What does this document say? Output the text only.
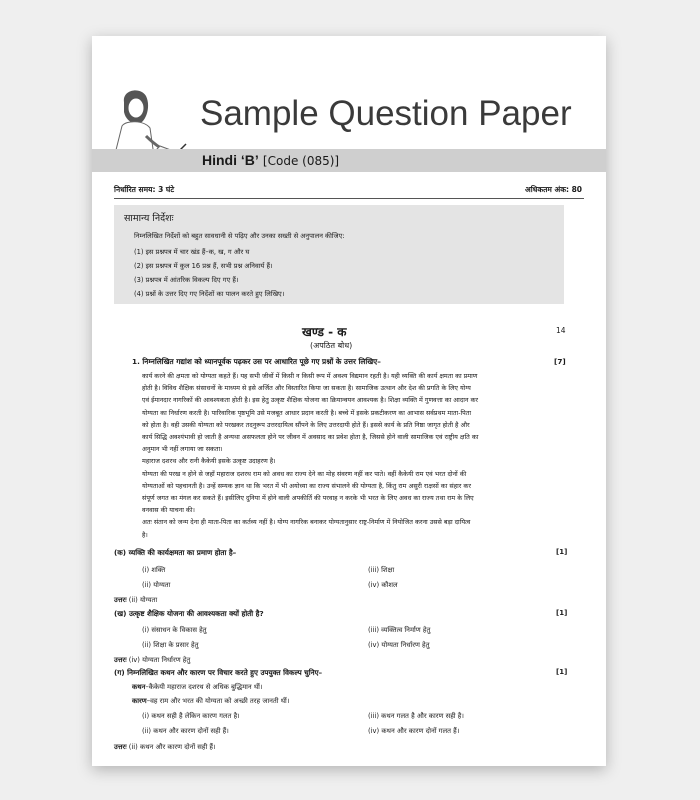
Sample Question Paper
Hindi ‘B’ [Code (085)]
निर्धारित समय: 3 घंटे	अधिकतम अंक: 80
सामान्य निर्देशः
निम्नलिखित निर्देशों को बहुत सावधानी से पढ़िए और उनका सख्ती से अनुपालन कीजिए:
(1) इस प्रश्नपत्र में चार खंड हैं–क, ख, ग और घ
(2) इस प्रश्नपत्र में कुल 16 प्रश्न हैं, सभी प्रश्न अनिवार्य हैं।
(3) प्रश्नपत्र में आंतरिक विकल्प दिए गए हैं।
(4) प्रश्नों के उत्तर दिए गए निर्देशों का पालन करते हुए लिखिए।
खण्ड - क
(अपठित बोध)
14
1. निम्नलिखित गद्यांश को ध्यानपूर्वक पढ़कर उस पर आधारित पूछे गए प्रश्नों के उत्तर लिखिए–	[7]
कार्य करने की क्षमता को योग्यता कहते हैं। यह सभी जीवों में किसी न किसी रूप में अवश्य विद्यमान रहती है। यही व्यक्ति की कार्य क्षमता का प्रमाण
होती है। विविध शैक्षिक संसाधनों के माध्यम से इसे अर्जित और विस्तारित किया जा सकता है। सामाजिक उत्थान और देश की प्रगति के लिए योग्य
एवं ईमानदार नागरिकों की आवश्यकता होती है। इस हेतु उत्कृष्ट शैक्षिक योजना का क्रियान्वयन आवश्यक है। शिक्षा व्यक्ति में गुणवत्ता का आदान कर
योग्यता का निर्धारण करती है। पारिवारिक पृष्ठभूमि उसे मजबूत आधार प्रदान करती है। बच्चे में इसके प्रकटीकरण का आभास सर्वप्रथम माता-पिता
को होता है। वही उसकी योग्यता को परखकर तदनुरूप उत्तरदायित्व सौंपने के लिए उत्तरदायी होते हैं। इससे कार्य के प्रति निष्ठा जागृत होती है और
कार्य सिद्धि अवश्यंभावी हो जाती है अन्यथा असफलता होने पर जीवन में अवसाद का प्रवेश होता है, जिससे होने वाली सामाजिक एवं राष्ट्रीय क्षति का
अनुमान भी नहीं लगाया जा सकता।
महाराज दशरथ और रानी कैकेयी इसके उत्कृष्ट उदाहरण है।
योग्यता की परख न होने से जहाँ महाराज दशरथ राम को अवध का राज्य देने का मोह संवरण नहीं कर पाते। वहीं कैकेयी राम एवं भरत दोनों की
योग्यताओं को पहचानती है। उन्हें सम्यक ज्ञान था कि भरत में भी अयोध्या का राज्य संभालने की योग्यता है, किंतु राम असुरी राक्षसों का संहार कर
संपूर्ण जगत का मंगल कर सकते हैं। इसीलिए दुनिया में होने वाली अपकीर्ति की परवाह न करके भी भरत के लिए अवध का राज्य तथा राम के लिए
वनवास की याचना की।
अतः संतान को जन्म देना ही माता-पिता का कर्तव्य नहीं है। योग्य नागरिक बनाकर योग्यतानुसार राष्ट्र-निर्माण में नियोजित करना उससे बड़ा दायित्व
है।
(क) व्यक्ति की कार्यक्षमता का प्रमाण होता है–	[1]
(i) शक्ति	(iii) शिक्षा
(ii) योग्यता	(iv) कौशल
उत्तरः (ii) योग्यता
(ख) उत्कृष्ट शैक्षिक योजना की आवश्यकता क्यों होती है?	[1]
(i) संसाधन के विकास हेतु	(iii) व्यक्तित्व निर्माण हेतु
(ii) शिक्षा के प्रसार हेतु	(iv) योग्यता निर्धारण हेतु
उत्तरः (iv) योग्यता निर्धारण हेतु
(ग) निम्नलिखित कथन और कारण पर विचार करते हुए उपयुक्त विकल्प चुनिए–	[1]
कथन–कैकेयी महाराज दशरथ से अधिक बुद्धिमान थीं।
कारण–वह राम और भरत की योग्यता को अच्छी तरह जानती थीं।
(i) कथन सही है लेकिन कारण गलत है।	(iii) कथन गलत है और कारण सही है।
(ii) कथन और कारण दोनों सही हैं।	(iv) कथन और कारण दोनों गलत हैं।
उत्तरः (ii) कथन और कारण दोनों सही हैं।
